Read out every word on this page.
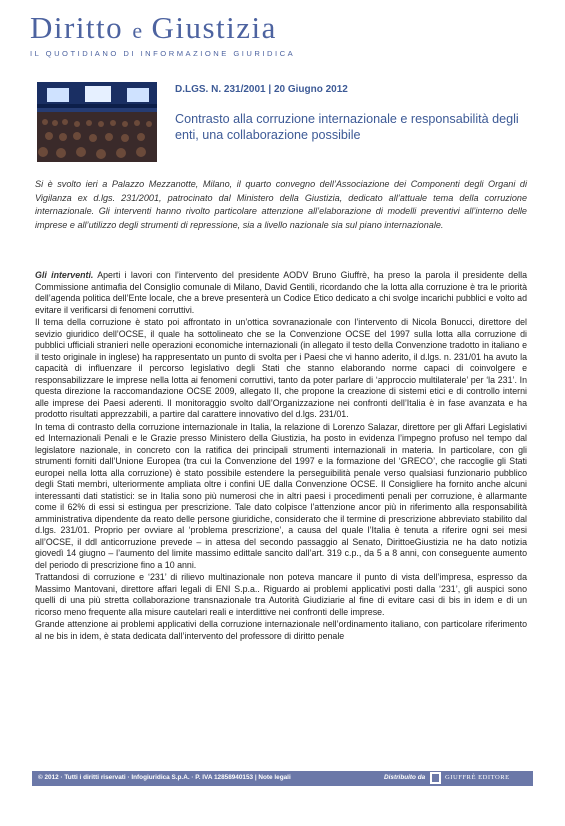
Diritto e Giustizia
IL QUOTIDIANO DI INFORMAZIONE GIURIDICA
D.LGS. N. 231/2001 | 20 Giugno 2012
Contrasto alla corruzione internazionale e responsabilità degli enti, una collaborazione possibile
Si è svolto ieri a Palazzo Mezzanotte, Milano, il quarto convegno dell’Associazione dei Componenti degli Organi di Vigilanza ex d.lgs. 231/2001, patrocinato dal Ministero della Giustizia, dedicato all’attuale tema della corruzione internazionale. Gli interventi hanno rivolto particolare attenzione all’elaborazione di modelli preventivi all’interno delle imprese e all’utilizzo degli strumenti di repressione, sia a livello nazionale sia sul piano internazionale.

Gli interventi. Aperti i lavori con l’intervento del presidente AODV Bruno Giuffrè, ha preso la parola il presidente della Commissione antimafia del Consiglio comunale di Milano, David Gentili, ricordando che la lotta alla corruzione è tra le priorità dell’agenda politica dell’Ente locale, che a breve presenterà un Codice Etico dedicato a chi svolge incarichi pubblici e volto ad evitare il verificarsi di fenomeni corruttivi.

Il tema della corruzione è stato poi affrontato in un’ottica sovranazionale con l’intervento di Nicola Bonucci, direttore del sevizio giuridico dell’OCSE, il quale ha sottolineato che se la Convenzione OCSE del 1997 sulla lotta alla corruzione di pubblici ufficiali stranieri nelle operazioni economiche internazionali (in allegato il testo della Convenzione tradotto in italiano e il testo originale in inglese) ha rappresentato un punto di svolta per i Paesi che vi hanno aderito, il d.lgs. n. 231/01 ha avuto la capacità di influenzare il percorso legislativo degli Stati che stanno elaborando norme capaci di coinvolgere e responsabilizzare le imprese nella lotta ai fenomeni corruttivi, tanto da poter parlare di ‘approccio multilaterale’ per ‘la 231’. In questa direzione la raccomandazione OCSE 2009, allegato II, che propone la creazione di sistemi etici e di controllo interni alle imprese dei Paesi aderenti. Il monitoraggio svolto dall’Organizzazione nei confronti dell’Italia è in fase avanzata e ha prodotto risultati apprezzabili, a partire dal carattere innovativo del d.lgs. 231/01.

In tema di contrasto della corruzione internazionale in Italia, la relazione di Lorenzo Salazar, direttore per gli Affari Legislativi ed Internazionali Penali e le Grazie presso Ministero della Giustizia, ha posto in evidenza l’impegno profuso nel tempo dal legislatore nazionale, in concreto con la ratifica dei principali strumenti internazionali in materia. In particolare, con gli strumenti forniti dall’Unione Europea (tra cui la Convenzione del 1997 e la formazione del ‘GRECO’, che raccoglie gli Stati europei nella lotta alla corruzione) è stato possibile estendere la perseguibilità penale verso qualsiasi funzionario pubblico degli Stati membri, ulteriormente ampliata oltre i confini UE dalla Convenzione OCSE. Il Consigliere ha fornito anche alcuni interessanti dati statistici: se in Italia sono più numerosi che in altri paesi i procedimenti penali per corruzione, è allarmante come il 62% di essi si estingua per prescrizione. Tale dato colpisce l’attenzione ancor più in riferimento alla responsabilità amministrativa dipendente da reato delle persone giuridiche, considerato che il termine di prescrizione abbreviato stabilito dal d.lgs. 231/01. Proprio per ovviare al ‘problema prescrizione’, a causa del quale l’Italia è tenuta a riferire ogni sei mesi all’OCSE, il ddl anticorruzione prevede – in attesa del secondo passaggio al Senato, DirittoeGiustizia ne ha dato notizia giovedì 14 giugno – l’aumento del limite massimo edittale sancito dall’art. 319 c.p., da 5 a 8 anni, con conseguente aumento del periodo di prescrizione fino a 10 anni.

Trattandosi di corruzione e ‘231’ di rilievo multinazionale non poteva mancare il punto di vista dell’impresa, espresso da Massimo Mantovani, direttore affari legali di ENI S.p.a.. Riguardo ai problemi applicativi posti dalla ‘231’, gli auspici sono quelli di una più stretta collaborazione transnazionale tra Autorità Giudiziarie al fine di evitare casi di bis in idem e di un ricorso meno frequente alla misure cautelari reali e interdittive nei confronti delle imprese.

Grande attenzione ai problemi applicativi della corruzione internazionale nell’ordinamento italiano, con particolare riferimento al ne bis in idem, è stata dedicata dall’intervento del professore di diritto penale

© 2012 · Tutti i diritti riservati · Infogiuridica S.p.A. · P. IVA 12858940153 | Note legali	Distribuito da	GIUFFRÈ EDITORE
